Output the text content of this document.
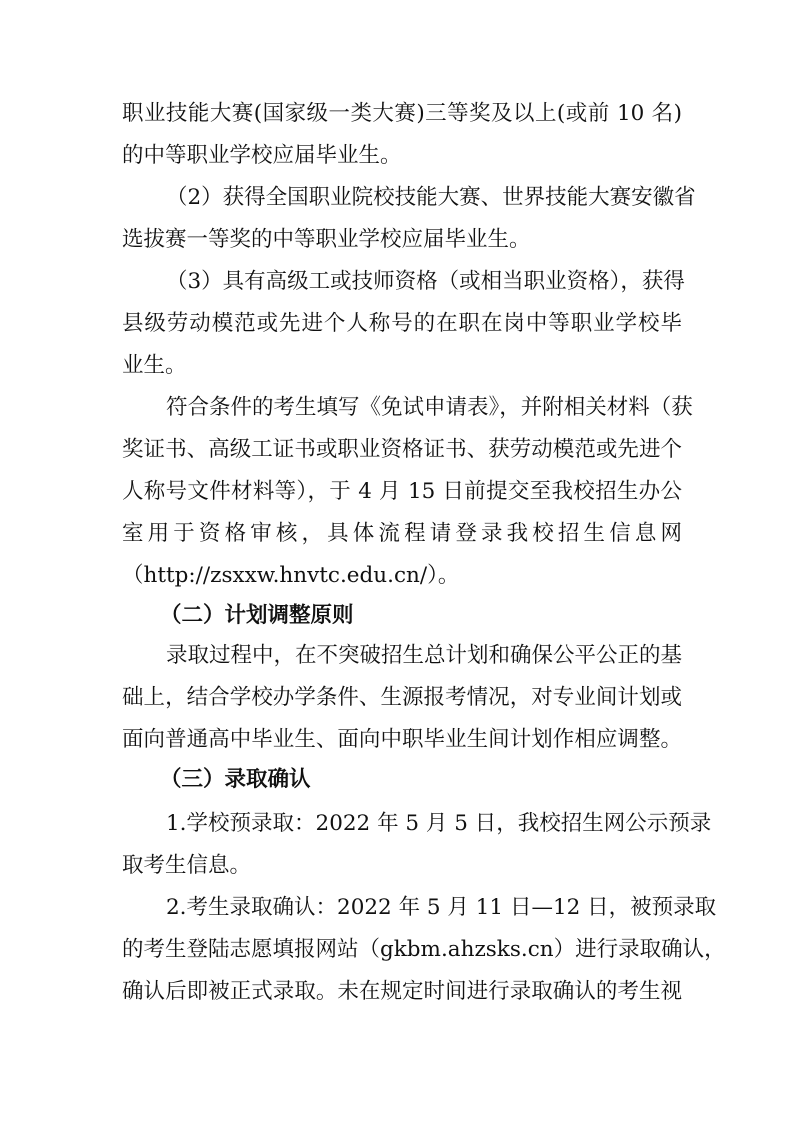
职业技能大赛(国家级一类大赛)三等奖及以上(或前 10 名)
的中等职业学校应届毕业生。
（2）获得全国职业院校技能大赛、世界技能大赛安徽省
选拔赛一等奖的中等职业学校应届毕业生。
（3）具有高级工或技师资格（或相当职业资格），获得
县级劳动模范或先进个人称号的在职在岗中等职业学校毕
业生。
符合条件的考生填写《免试申请表》，并附相关材料（获
奖证书、高级工证书或职业资格证书、获劳动模范或先进个
人称号文件材料等），于 4 月 15 日前提交至我校招生办公
室用于资格审核，具体流程请登录我校招生信息网
（http://zsxxw.hnvtc.edu.cn/）。
（二）计划调整原则
录取过程中，在不突破招生总计划和确保公平公正的基
础上，结合学校办学条件、生源报考情况，对专业间计划或
面向普通高中毕业生、面向中职毕业生间计划作相应调整。
（三）录取确认
1.学校预录取：2022 年 5 月 5 日，我校招生网公示预录
取考生信息。
2.考生录取确认：2022 年 5 月 11 日—12 日，被预录取
的考生登陆志愿填报网站（gkbm.ahzsks.cn）进行录取确认，
确认后即被正式录取。未在规定时间进行录取确认的考生视
